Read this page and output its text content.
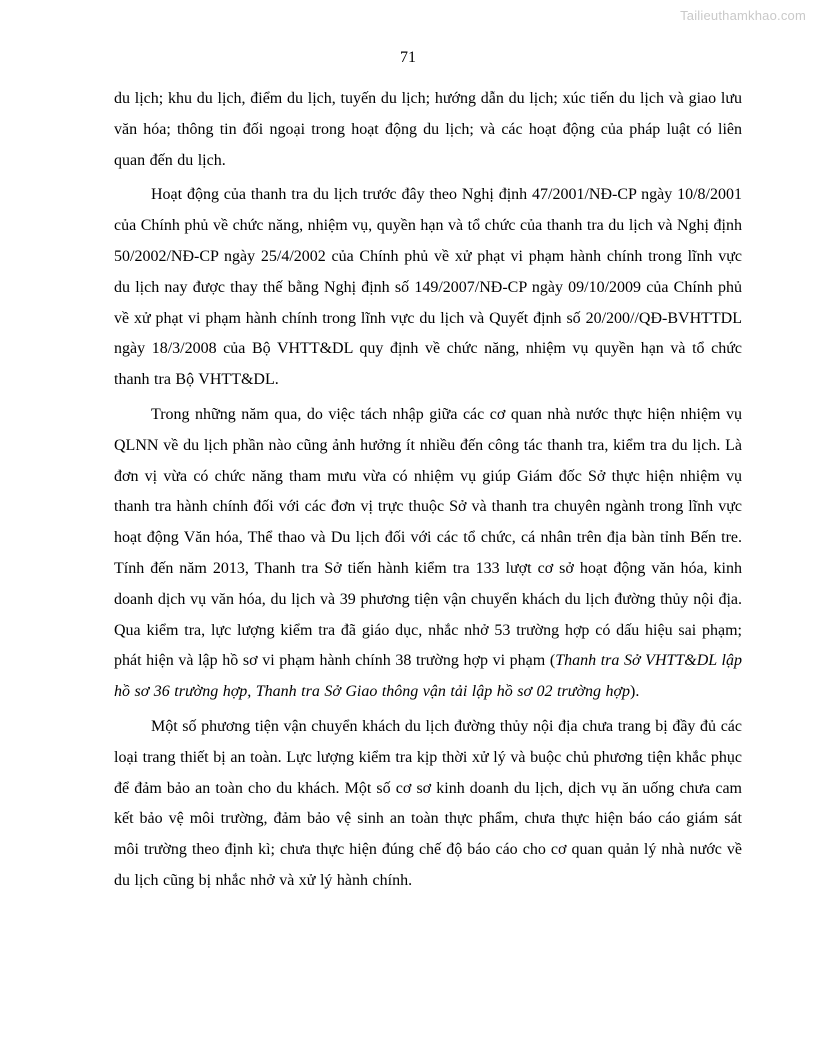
Tailieuthamkhao.com
71

du lịch; khu du lịch, điểm du lịch, tuyến du lịch; hướng dẫn du lịch; xúc tiến du lịch và giao lưu văn hóa; thông tin đối ngoại trong hoạt động du lịch; và các hoạt động của pháp luật có liên quan đến du lịch.

Hoạt động của thanh tra du lịch trước đây theo Nghị định 47/2001/NĐ-CP ngày 10/8/2001 của Chính phủ về chức năng, nhiệm vụ, quyền hạn và tổ chức của thanh tra du lịch và Nghị định 50/2002/NĐ-CP ngày 25/4/2002 của Chính phủ về xử phạt vi phạm hành chính trong lĩnh vực du lịch nay được thay thế bằng Nghị định số 149/2007/NĐ-CP ngày 09/10/2009 của Chính phủ về xử phạt vi phạm hành chính trong lĩnh vực du lịch và Quyết định số 20/200//QĐ-BVHTTDL ngày 18/3/2008 của Bộ VHTT&DL quy định về chức năng, nhiệm vụ quyền hạn và tổ chức thanh tra Bộ VHTT&DL.

Trong những năm qua, do việc tách nhập giữa các cơ quan nhà nước thực hiện nhiệm vụ QLNN về du lịch phần nào cũng ảnh hưởng ít nhiều đến công tác thanh tra, kiểm tra du lịch. Là đơn vị vừa có chức năng tham mưu vừa có nhiệm vụ giúp Giám đốc Sở thực hiện nhiệm vụ thanh tra hành chính đối với các đơn vị trực thuộc Sở và thanh tra chuyên ngành trong lĩnh vực hoạt động Văn hóa, Thể thao và Du lịch đối với các tổ chức, cá nhân trên địa bàn tỉnh Bến tre. Tính đến năm 2013, Thanh tra Sở tiến hành kiểm tra 133 lượt cơ sở hoạt động văn hóa, kinh doanh dịch vụ văn hóa, du lịch và 39 phương tiện vận chuyển khách du lịch đường thủy nội địa. Qua kiểm tra, lực lượng kiểm tra đã giáo dục, nhắc nhở 53 trường hợp có dấu hiệu sai phạm; phát hiện và lập hồ sơ vi phạm hành chính 38 trường hợp vi phạm (Thanh tra Sở VHTT&DL lập hồ sơ 36 trường hợp, Thanh tra Sở Giao thông vận tải lập hồ sơ 02 trường hợp).

Một số phương tiện vận chuyển khách du lịch đường thủy nội địa chưa trang bị đầy đủ các loại trang thiết bị an toàn. Lực lượng kiểm tra kịp thời xử lý và buộc chủ phương tiện khắc phục để đảm bảo an toàn cho du khách. Một số cơ sơ kinh doanh du lịch, dịch vụ ăn uống chưa cam kết bảo vệ môi trường, đảm bảo vệ sinh an toàn thực phẩm, chưa thực hiện báo cáo giám sát môi trường theo định kì; chưa thực hiện đúng chế độ báo cáo cho cơ quan quản lý nhà nước về du lịch cũng bị nhắc nhở và xử lý hành chính.
